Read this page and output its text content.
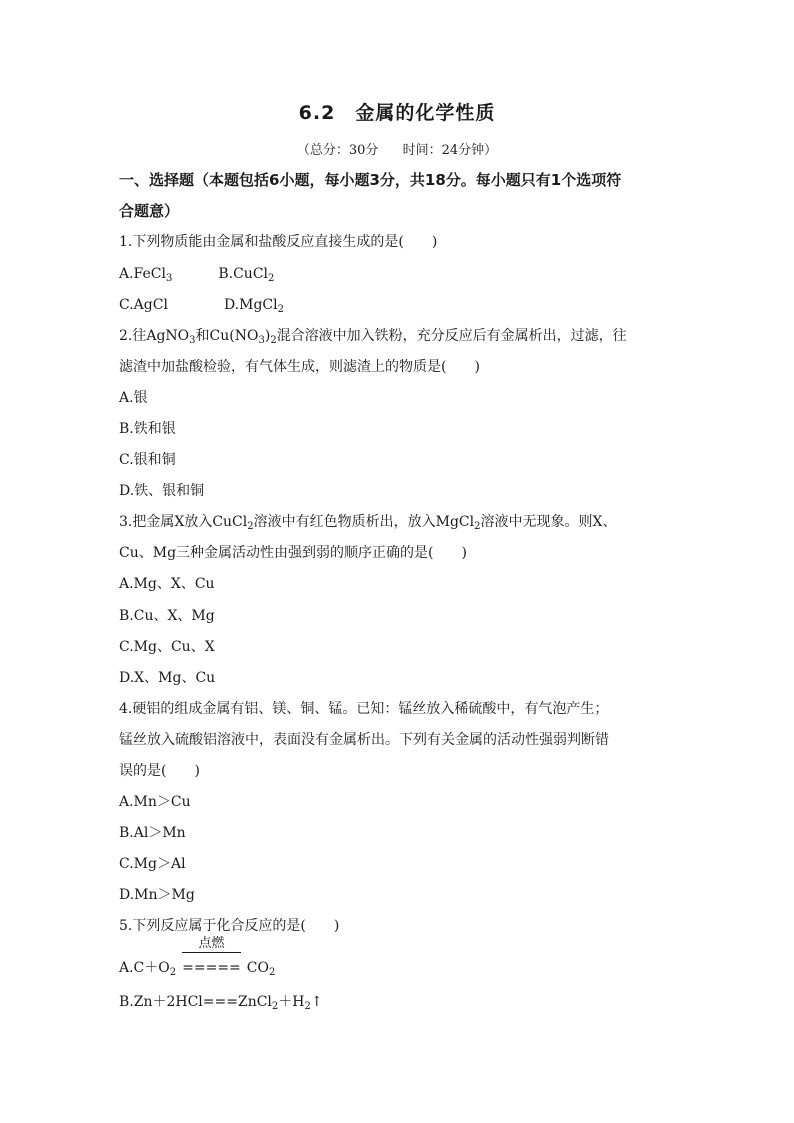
6.2　金属的化学性质
（总分：30分 时间：24分钟）
一、选择题（本题包括6小题，每小题3分，共18分。每小题只有1个选项符
合题意）
1.下列物质能由金属和盐酸反应直接生成的是(　　)
A.FeCl$_3$	B.CuCl$_2$
C.AgCl	D.MgCl$_2$
2.往AgNO$_3$和$Cu(NO_3)_2$混合溶液中加入铁粉，充分反应后有金属析出，过滤，往
滤渣中加盐酸检验，有气体生成，则滤渣上的物质是(　　)
A.银
B.铁和银
C.银和铜
D.铁、银和铜
3.把金属X放入CuCl$_2$溶液中有红色物质析出，放入MgCl$_2$溶液中无现象。则X、
Cu、Mg三种金属活动性由强到弱的顺序正确的是(　　)
A.Mg、X、Cu
B.Cu、X、Mg
C.Mg、Cu、X
D.X、Mg、Cu
4.硬铝的组成金属有铝、镁、铜、锰。已知：锰丝放入稀硫酸中，有气泡产生；
锰丝放入硫酸铝溶液中，表面没有金属析出。下列有关金属的活动性强弱判断错
误的是(　　)
A.Mn＞Cu
B.Al＞Mn
C.Mg＞Al
D.Mn＞Mg
5.下列反应属于化合反应的是(　　)
$A.C+O_2$
点燃
===== $CO_2$
$B.Zn+2HCl===ZnCl_2+H_2↑$
